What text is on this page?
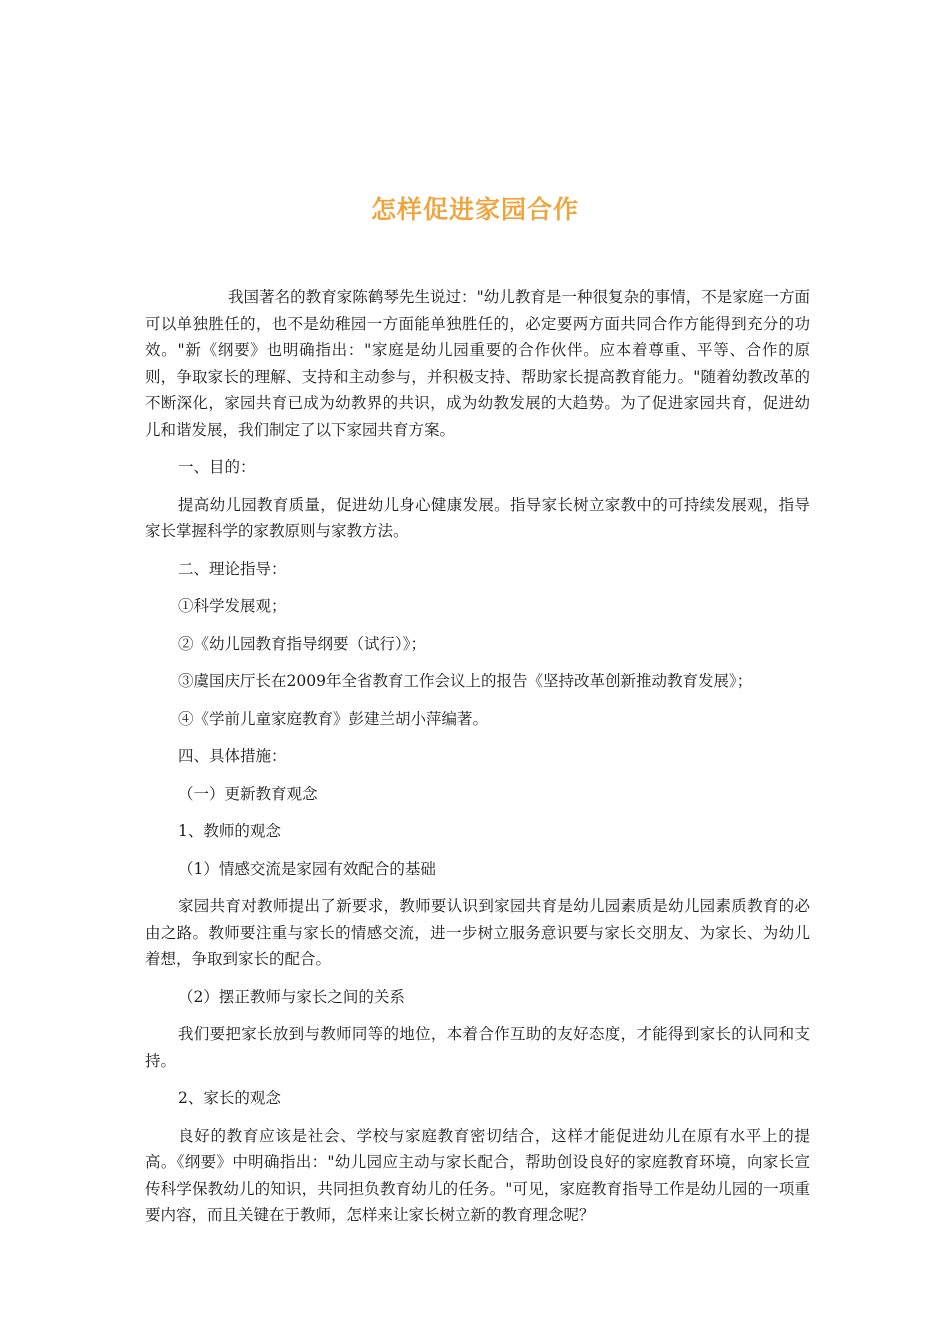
怎样促进家园合作

我国著名的教育家陈鹤琴先生说过："幼儿教育是一种很复杂的事情，不是家庭一方面可以单独胜任的，也不是幼稚园一方面能单独胜任的，必定要两方面共同合作方能得到充分的功效。"新《纲要》也明确指出："家庭是幼儿园重要的合作伙伴。应本着尊重、平等、合作的原则，争取家长的理解、支持和主动参与，并积极支持、帮助家长提高教育能力。"随着幼教改革的不断深化，家园共育已成为幼教界的共识，成为幼教发展的大趋势。为了促进家园共育，促进幼儿和谐发展，我们制定了以下家园共育方案。

一、目的：

提高幼儿园教育质量，促进幼儿身心健康发展。指导家长树立家教中的可持续发展观，指导家长掌握科学的家教原则与家教方法。

二、理论指导：

①科学发展观；

②《幼儿园教育指导纲要（试行）》；

③虞国庆厅长在2009年全省教育工作会议上的报告《坚持改革创新推动教育发展》；

④《学前儿童家庭教育》彭建兰胡小萍编著。

四、具体措施：

（一）更新教育观念

1、教师的观念

（1）情感交流是家园有效配合的基础

家园共育对教师提出了新要求，教师要认识到家园共育是幼儿园素质是幼儿园素质教育的必由之路。教师要注重与家长的情感交流，进一步树立服务意识要与家长交朋友、为家长、为幼儿着想，争取到家长的配合。

（2）摆正教师与家长之间的关系

我们要把家长放到与教师同等的地位，本着合作互助的友好态度，才能得到家长的认同和支持。

2、家长的观念

良好的教育应该是社会、学校与家庭教育密切结合，这样才能促进幼儿在原有水平上的提高。《纲要》中明确指出："幼儿园应主动与家长配合，帮助创设良好的家庭教育环境，向家长宣传科学保教幼儿的知识，共同担负教育幼儿的任务。"可见，家庭教育指导工作是幼儿园的一项重要内容，而且关键在于教师，怎样来让家长树立新的教育理念呢？
